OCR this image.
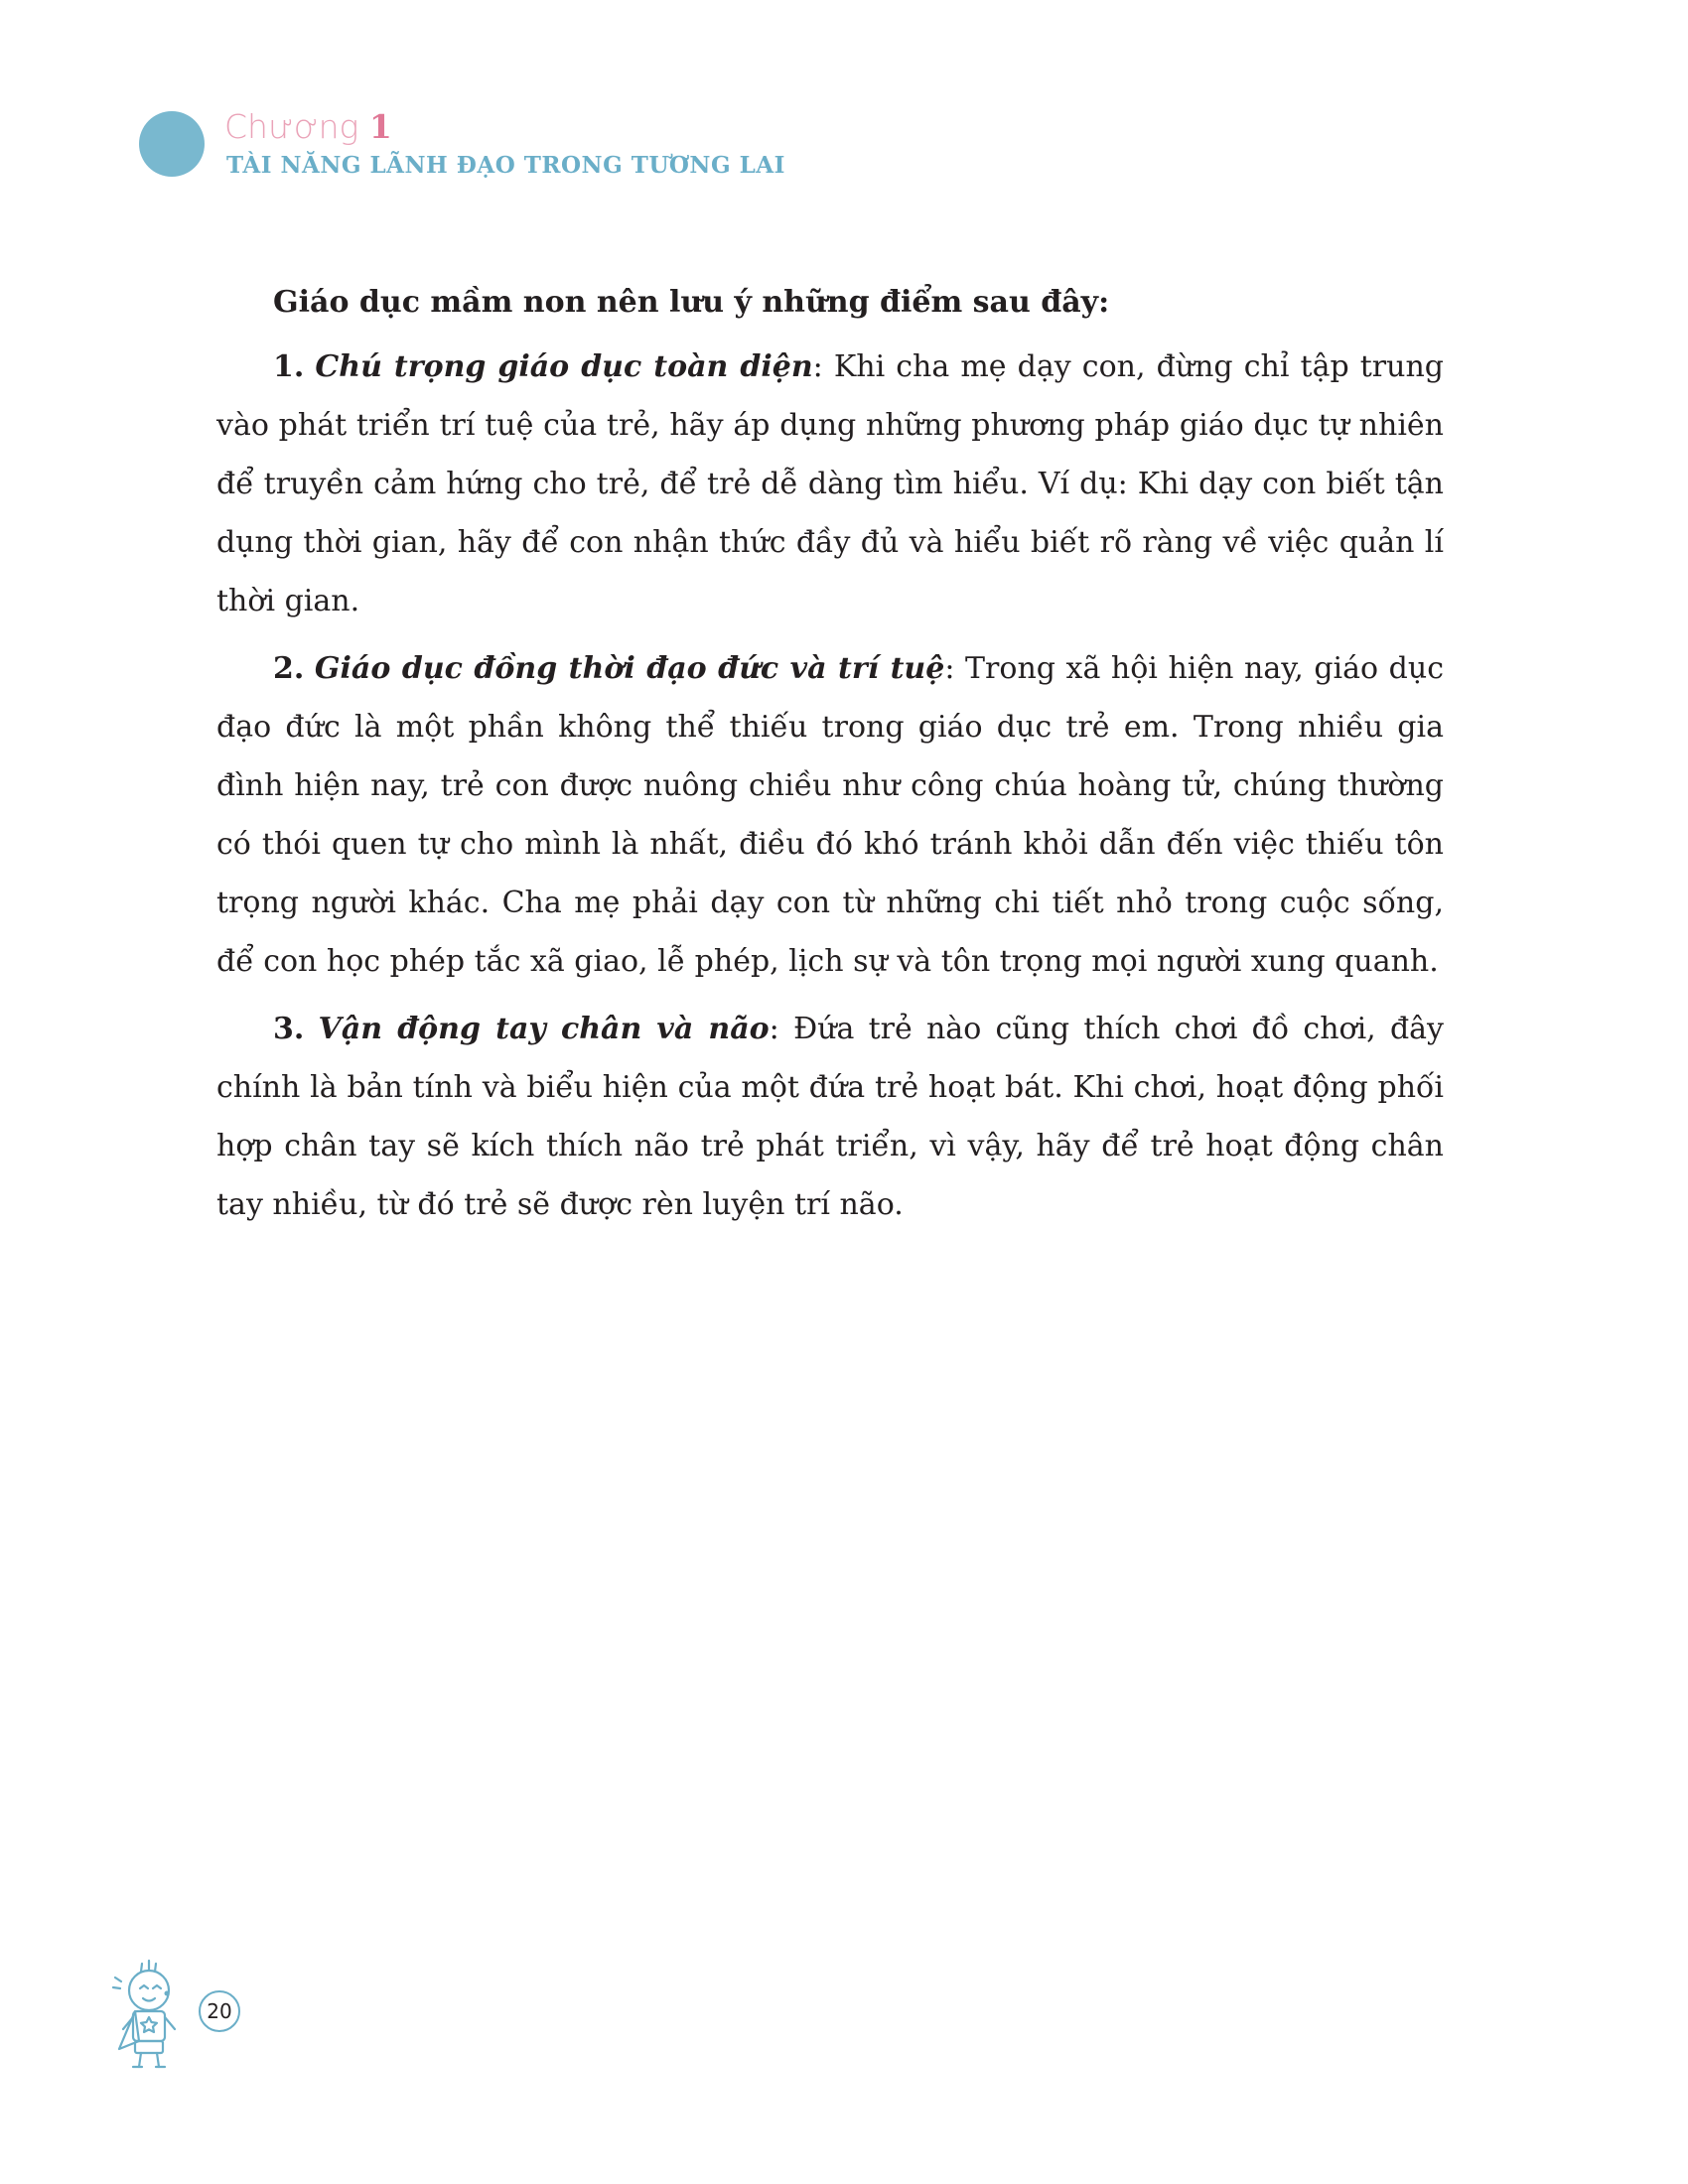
Chương 1
TÀI NĂNG LÃNH ĐẠO TRONG TƯƠNG LAI

Giáo dục mầm non nên lưu ý những điểm sau đây:

1. Chú trọng giáo dục toàn diện: Khi cha mẹ dạy con, đừng chỉ tập trung vào phát triển trí tuệ của trẻ, hãy áp dụng những phương pháp giáo dục tự nhiên để truyền cảm hứng cho trẻ, để trẻ dễ dàng tìm hiểu. Ví dụ: Khi dạy con biết tận dụng thời gian, hãy để con nhận thức đầy đủ và hiểu biết rõ ràng về việc quản lí thời gian.

2. Giáo dục đồng thời đạo đức và trí tuệ: Trong xã hội hiện nay, giáo dục đạo đức là một phần không thể thiếu trong giáo dục trẻ em. Trong nhiều gia đình hiện nay, trẻ con được nuông chiều như công chúa hoàng tử, chúng thường có thói quen tự cho mình là nhất, điều đó khó tránh khỏi dẫn đến việc thiếu tôn trọng người khác. Cha mẹ phải dạy con từ những chi tiết nhỏ trong cuộc sống, để con học phép tắc xã giao, lễ phép, lịch sự và tôn trọng mọi người xung quanh.

3. Vận động tay chân và não: Đứa trẻ nào cũng thích chơi đồ chơi, đây chính là bản tính và biểu hiện của một đứa trẻ hoạt bát. Khi chơi, hoạt động phối hợp chân tay sẽ kích thích não trẻ phát triển, vì vậy, hãy để trẻ hoạt động chân tay nhiều, từ đó trẻ sẽ được rèn luyện trí não.

20
